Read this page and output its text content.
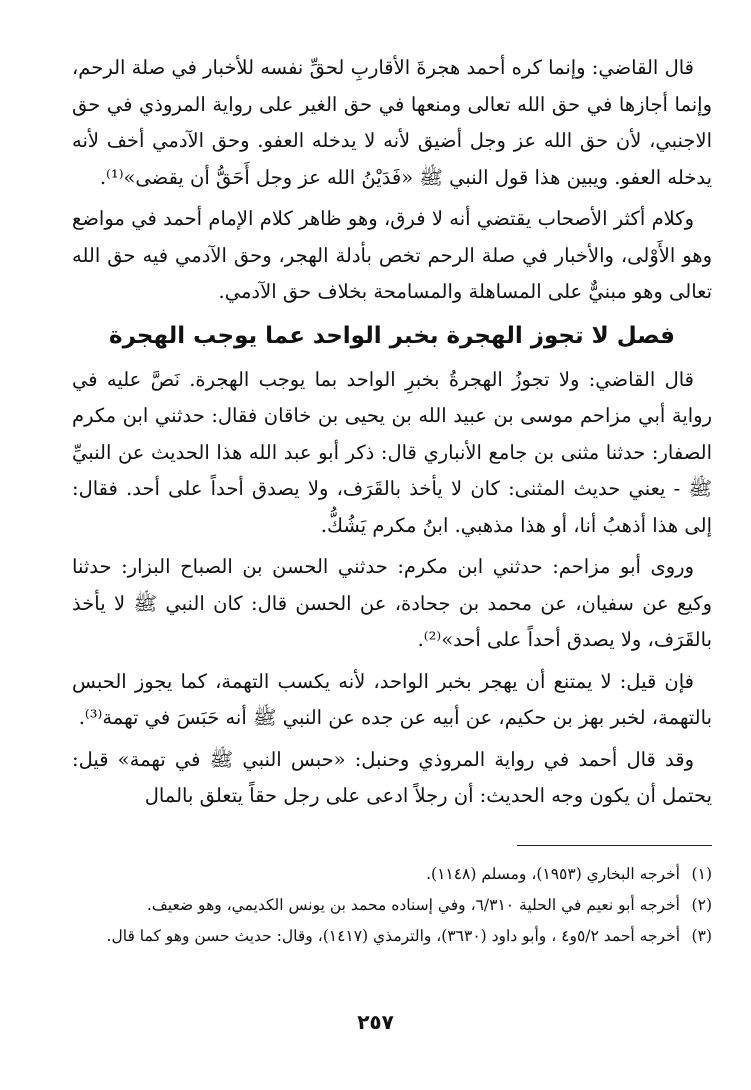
قال القاضي: وإنما كره أحمد هجرةَ الأقاربِ لحقِّ نفسه للأخبار في صلة الرحم، وإنما أجازها في حق الله تعالى ومنعها في حق الغير على رواية المروذي في حق الاجنبي، لأن حق الله عز وجل أضيق لأنه لا يدخله العفو. وحق الآدمي أخف لأنه يدخله العفو. ويبين هذا قول النبي ﷺ «فَدَيْنُ الله عز وجل أَحَقُّ أن يقضى»⁽¹⁾.

وكلام أكثر الأصحاب يقتضي أنه لا فرق، وهو ظاهر كلام الإمام أحمد في مواضع وهو الأَوْلى، والأخبار في صلة الرحم تخص بأدلة الهجر، وحق الآدمي فيه حق الله تعالى وهو مبنيٌّ على المساهلة والمسامحة بخلاف حق الآدمي.

فصل لا تجوز الهجرة بخبر الواحد عما يوجب الهجرة

قال القاضي: ولا تجوزُ الهجرةُ بخبرِ الواحد بما يوجب الهجرة. نَصَّ عليه في رواية أبي مزاحم موسى بن عبيد الله بن يحيى بن خاقان فقال: حدثني ابن مكرم الصفار: حدثنا مثنى بن جامع الأنباري قال: ذكر أبو عبد الله هذا الحديث عن النبيِّ ﷺ - يعني حديث المثنى: كان لا يأخذ بالقَرَف، ولا يصدق أحداً على أحد. فقال: إلى هذا أذهبُ أنا، أو هذا مذهبي. ابنُ مكرم يَشُكُّ.

وروى أبو مزاحم: حدثني ابن مكرم: حدثني الحسن بن الصباح البزار: حدثنا وكيع عن سفيان، عن محمد بن جحادة، عن الحسن قال: كان النبي ﷺ لا يأخذ بالقَرَف، ولا يصدق أحداً على أحد»⁽²⁾.

فإن قيل: لا يمتنع أن يهجر بخبر الواحد، لأنه يكسب التهمة، كما يجوز الحبس بالتهمة، لخبر بهز بن حكيم، عن أبيه عن جده عن النبي ﷺ أنه حَبَسَ في تهمة⁽³⁾.

وقد قال أحمد في رواية المروذي وحنبل: «حبس النبي ﷺ في تهمة» قيل: يحتمل أن يكون وجه الحديث: أن رجلاً ادعى على رجل حقاً يتعلق بالمال

(١)
أخرجه البخاري (١٩٥٣)، ومسلم (١١٤٨).
(٢)
أخرجه أبو نعيم في الحلية ٦/٣١٠، وفي إسناده محمد بن يونس الكديمي، وهو ضعيف.
(٣)
أخرجه أحمد ٥/٢و٤ ، وأبو داود (٣٦٣٠)، والترمذي (١٤١٧)، وقال: حديث حسن وهو كما قال.
٢٥٧
